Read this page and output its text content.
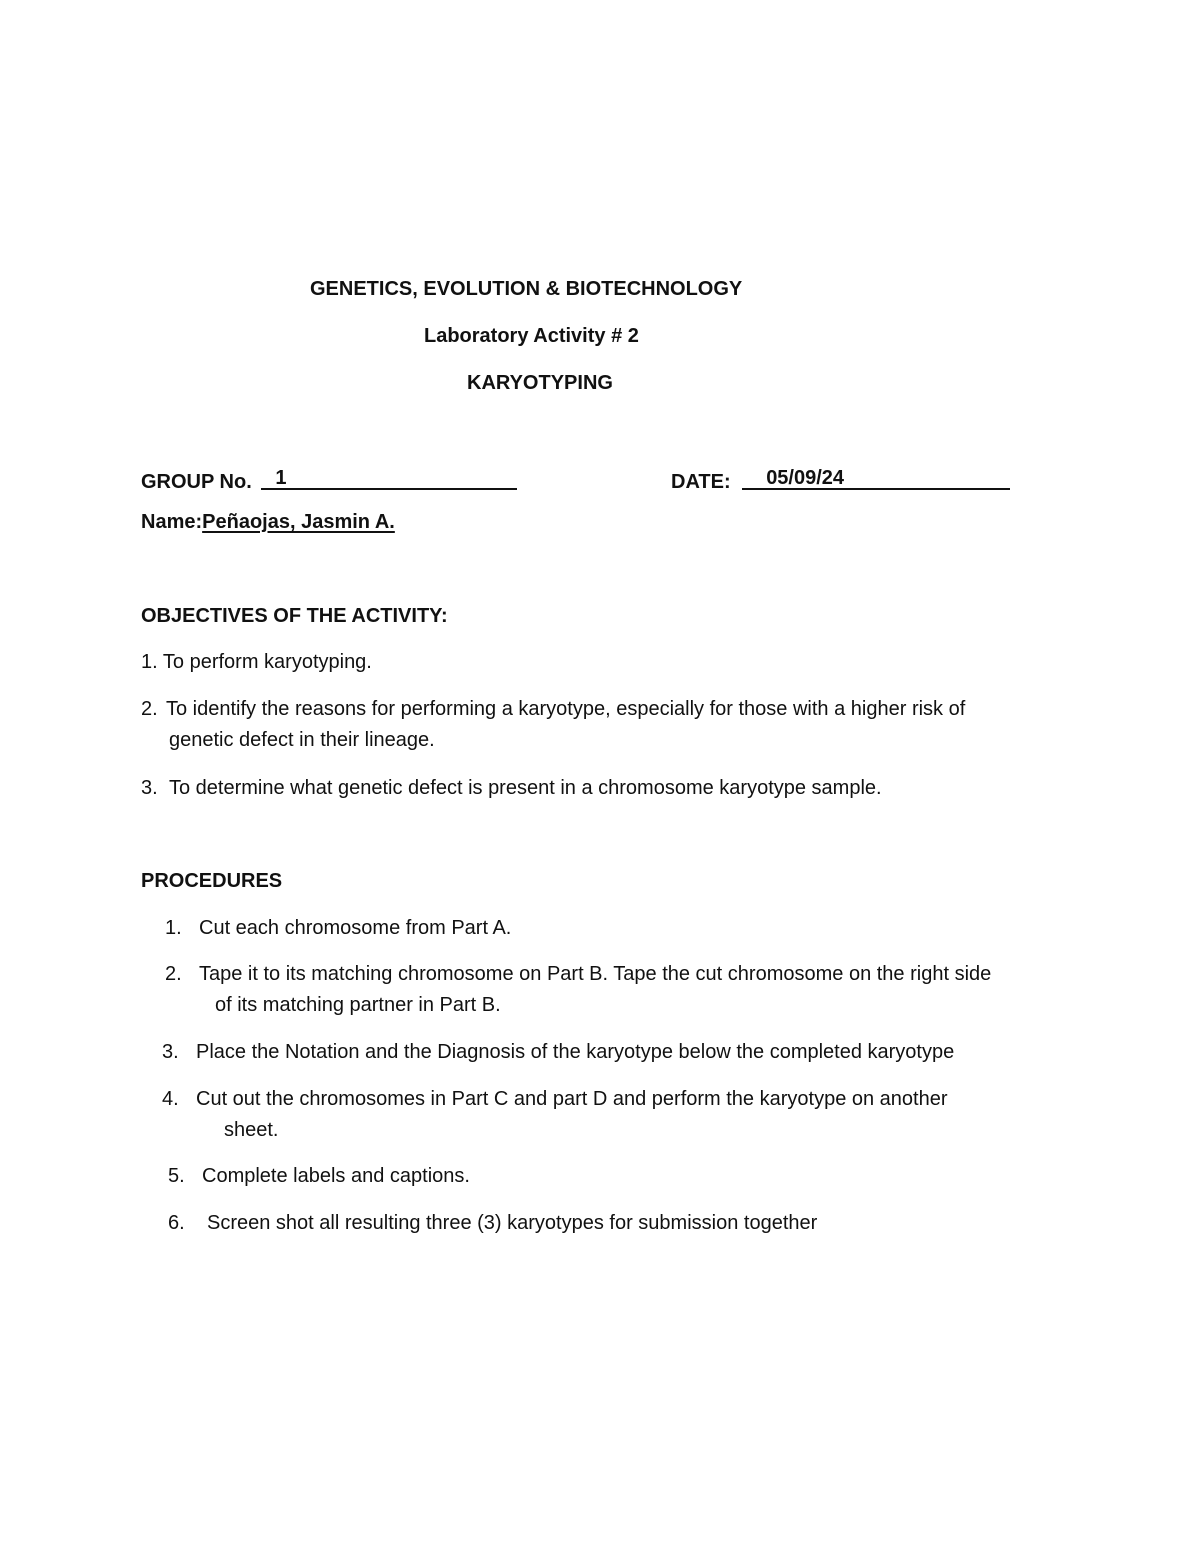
GENETICS, EVOLUTION & BIOTECHNOLOGY
Laboratory Activity # 2
KARYOTYPING
GROUP No. 1	DATE: 05/09/24
Name:Peñaojas, Jasmin A.
OBJECTIVES OF THE ACTIVITY:
1. To perform karyotyping.
2. To identify the reasons for performing a karyotype, especially for those with a higher risk of
genetic defect in their lineage.
3. To determine what genetic defect is present in a chromosome karyotype sample.
PROCEDURES
1. Cut each chromosome from Part A.
2. Tape it to its matching chromosome on Part B. Tape the cut chromosome on the right side
of its matching partner in Part B.
3. Place the Notation and the Diagnosis of the karyotype below the completed karyotype
4. Cut out the chromosomes in Part C and part D and perform the karyotype on another
sheet.
5. Complete labels and captions.
6. Screen shot all resulting three (3) karyotypes for submission together
